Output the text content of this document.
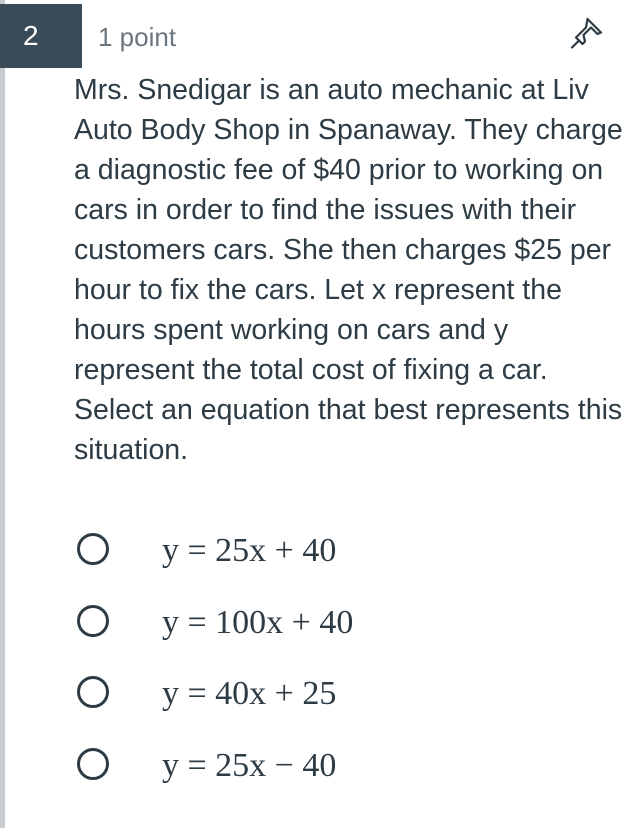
2	1 point

Mrs. Snedigar is an auto mechanic at Liv Auto Body Shop in Spanaway. They charge a diagnostic fee of $40 prior to working on cars in order to find the issues with their customers cars. She then charges $25 per hour to fix the cars. Let x represent the hours spent working on cars and y represent the total cost of fixing a car. Select an equation that best represents this situation.

y = 25x + 40
y = 100x + 40
y = 40x + 25
y = 25x − 40
